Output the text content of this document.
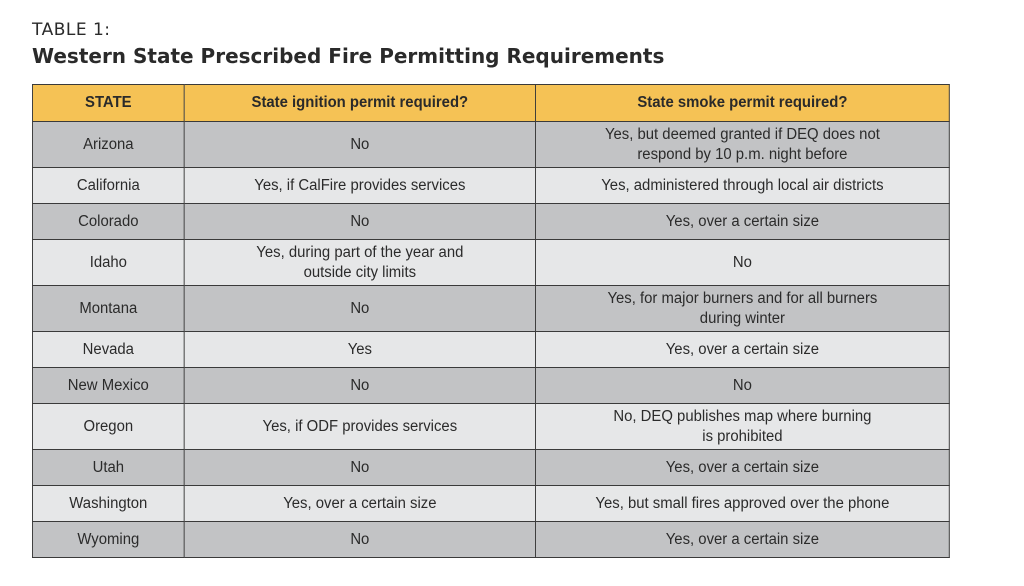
TABLE 1:
Western State Prescribed Fire Permitting Requirements
STATE	State ignition permit required?	State smoke permit required?
Arizona	No	Yes, but deemed granted if DEQ does not
respond by 10 p.m. night before
California	Yes, if CalFire provides services	Yes, administered through local air districts
Colorado	No	Yes, over a certain size
Idaho	Yes, during part of the year and
outside city limits	No
Montana	No	Yes, for major burners and for all burners
during winter
Nevada	Yes	Yes, over a certain size
New Mexico	No	No
Oregon	Yes, if ODF provides services	No, DEQ publishes map where burning
is prohibited
Utah	No	Yes, over a certain size
Washington	Yes, over a certain size	Yes, but small fires approved over the phone
Wyoming	No	Yes, over a certain size
